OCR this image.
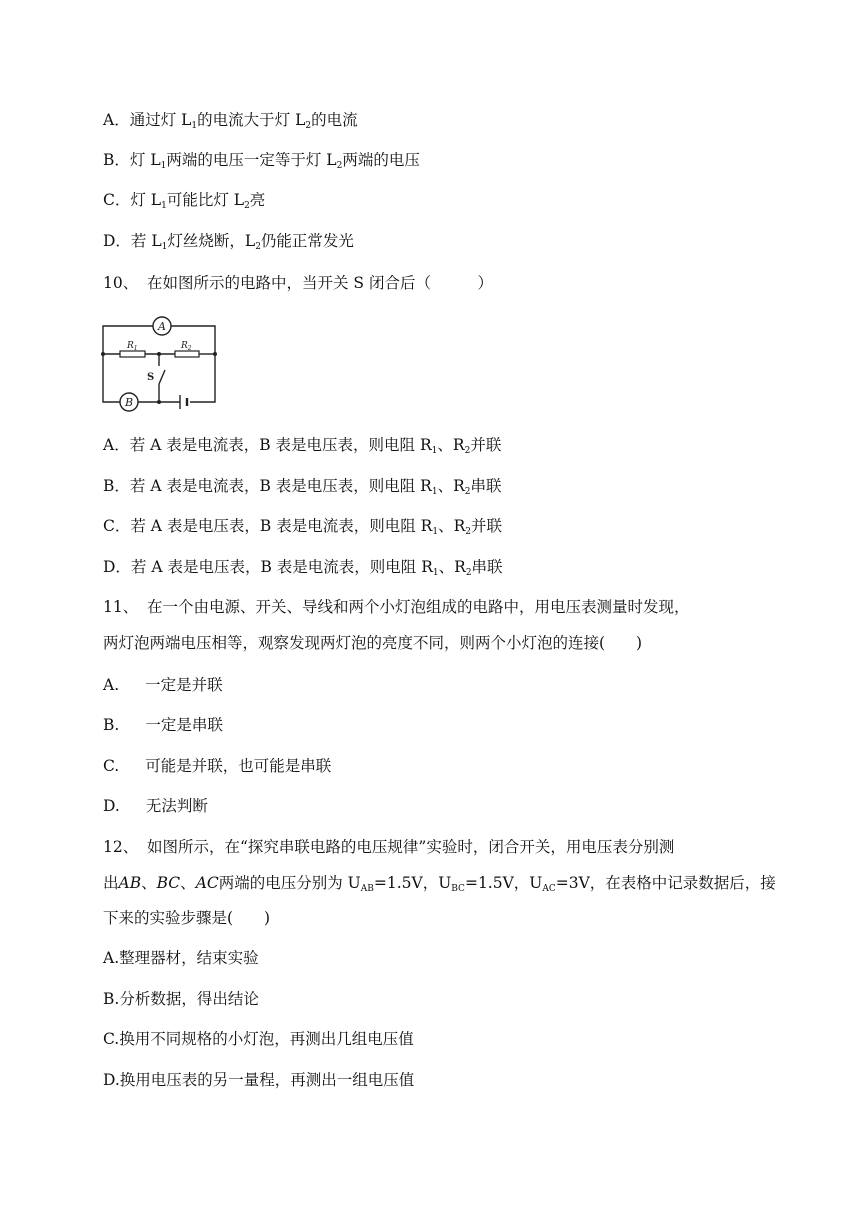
A．通过灯 $L_1$的电流大于灯 $L_2$的电流
B．灯 $L_1$两端的电压一定等于灯 $L_2$两端的电压
C．灯 $L_1$可能比灯 $L_2$亮
D．若 $L_1$灯丝烧断，$L_2$仍能正常发光
10、 在如图所示的电路中，当开关 S 闭合后（　　　）
A
B
$R_1$	$R_2$
S
A．若 A 表是电流表，B 表是电压表，则电阻 $R_1$、$R_2$并联
B．若 A 表是电流表，B 表是电压表，则电阻 $R_1$、$R_2$串联
C．若 A 表是电压表，B 表是电流表，则电阻 $R_1$、$R_2$并联
D．若 A 表是电压表，B 表是电流表，则电阻 $R_1$、$R_2$串联
11、 在一个由电源、开关、导线和两个小灯泡组成的电路中，用电压表测量时发现，
两灯泡两端电压相等，观察发现两灯泡的亮度不同，则两个小灯泡的连接(　　)
A. 一定是并联
B. 一定是串联
C. 可能是并联，也可能是串联
D. 无法判断
12、 如图所示，在“探究串联电路的电压规律”实验时，闭合开关，用电压表分别测
出AB、BC、AC两端的电压分别为 $U_{AB}=1.5V$，$U_{BC}=1.5V$，$U_{AC}=3V$，在表格中记录数据后，接
下来的实验步骤是(　　)
A.整理器材，结束实验
B.分析数据，得出结论
C.换用不同规格的小灯泡，再测出几组电压值
D.换用电压表的另一量程，再测出一组电压值
